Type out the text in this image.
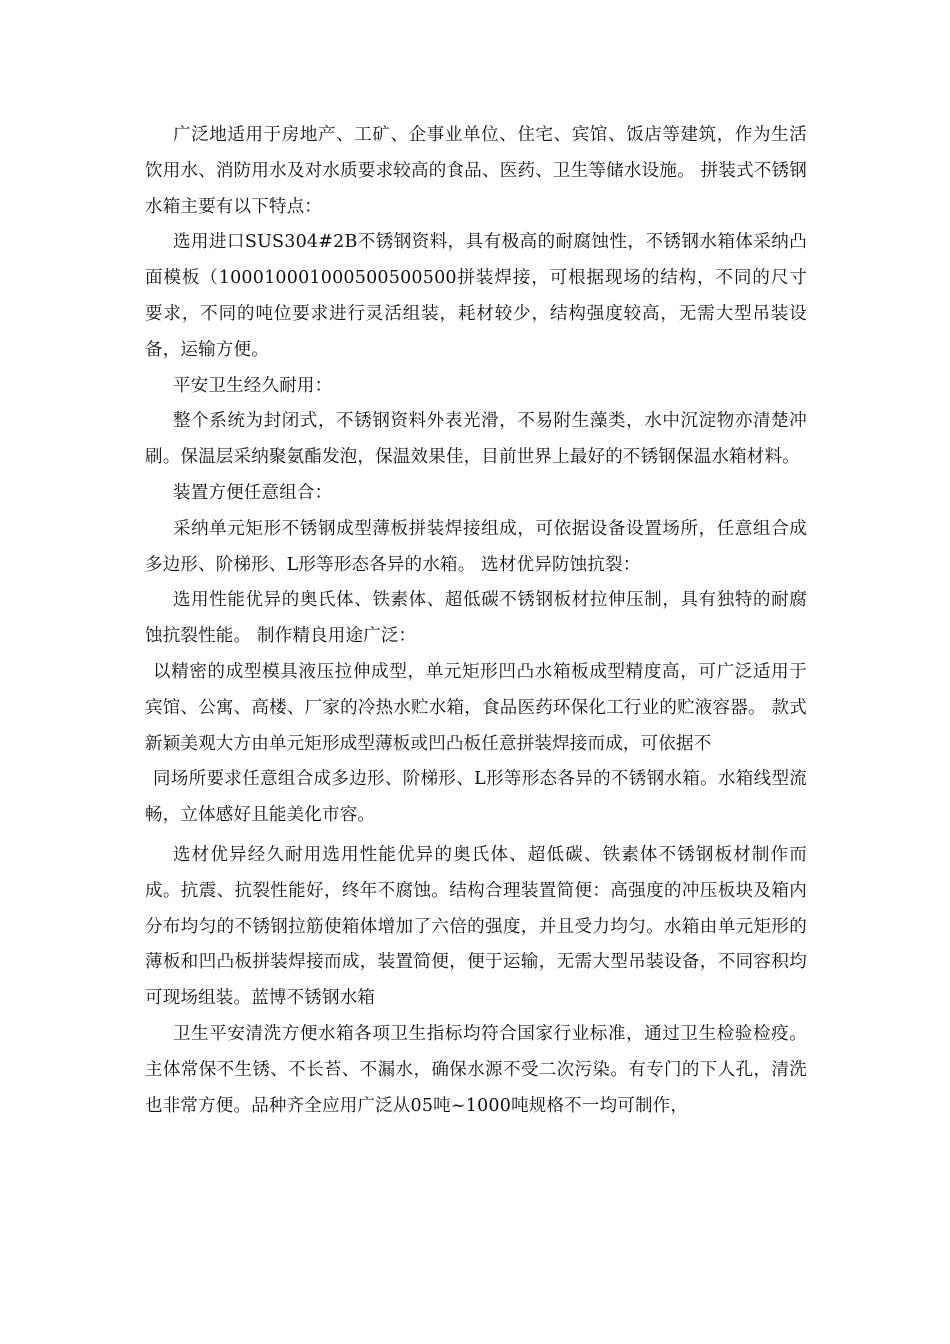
广泛地适用于房地产、工矿、企事业单位、住宅、宾馆、饭店等建筑，作为生活饮用水、消防用水及对水质要求较高的食品、医药、卫生等储水设施。 拼装式不锈钢水箱主要有以下特点：

选用进口SUS304#2B不锈钢资料，具有极高的耐腐蚀性，不锈钢水箱体采纳凸面模板（100010001000500500500拼装焊接，可根据现场的结构，不同的尺寸要求，不同的吨位要求进行灵活组装，耗材较少，结构强度较高，无需大型吊装设备，运输方便。

平安卫生经久耐用：

整个系统为封闭式，不锈钢资料外表光滑，不易附生藻类，水中沉淀物亦清楚冲刷。保温层采纳聚氨酯发泡，保温效果佳，目前世界上最好的不锈钢保温水箱材料。

装置方便任意组合：

采纳单元矩形不锈钢成型薄板拼装焊接组成，可依据设备设置场所，任意组合成多边形、阶梯形、L形等形态各异的水箱。 选材优异防蚀抗裂：

选用性能优异的奥氏体、铁素体、超低碳不锈钢板材拉伸压制，具有独特的耐腐蚀抗裂性能。 制作精良用途广泛：

以精密的成型模具液压拉伸成型，单元矩形凹凸水箱板成型精度高，可广泛适用于宾馆、公寓、高楼、厂家的冷热水贮水箱，食品医药环保化工行业的贮液容器。 款式新颖美观大方由单元矩形成型薄板或凹凸板任意拼装焊接而成，可依据不

同场所要求任意组合成多边形、阶梯形、L形等形态各异的不锈钢水箱。水箱线型流畅，立体感好且能美化市容。

选材优异经久耐用选用性能优异的奥氏体、超低碳、铁素体不锈钢板材制作而成。抗震、抗裂性能好，终年不腐蚀。结构合理装置简便：高强度的冲压板块及箱内分布均匀的不锈钢拉筋使箱体增加了六倍的强度，并且受力均匀。水箱由单元矩形的薄板和凹凸板拼装焊接而成，装置简便，便于运输，无需大型吊装设备，不同容积均可现场组装。蓝博不锈钢水箱

卫生平安清洗方便水箱各项卫生指标均符合国家行业标准，通过卫生检验检疫。主体常保不生锈、不长苔、不漏水，确保水源不受二次污染。有专门的下人孔，清洗也非常方便。品种齐全应用广泛从05吨~1000吨规格不一均可制作，
